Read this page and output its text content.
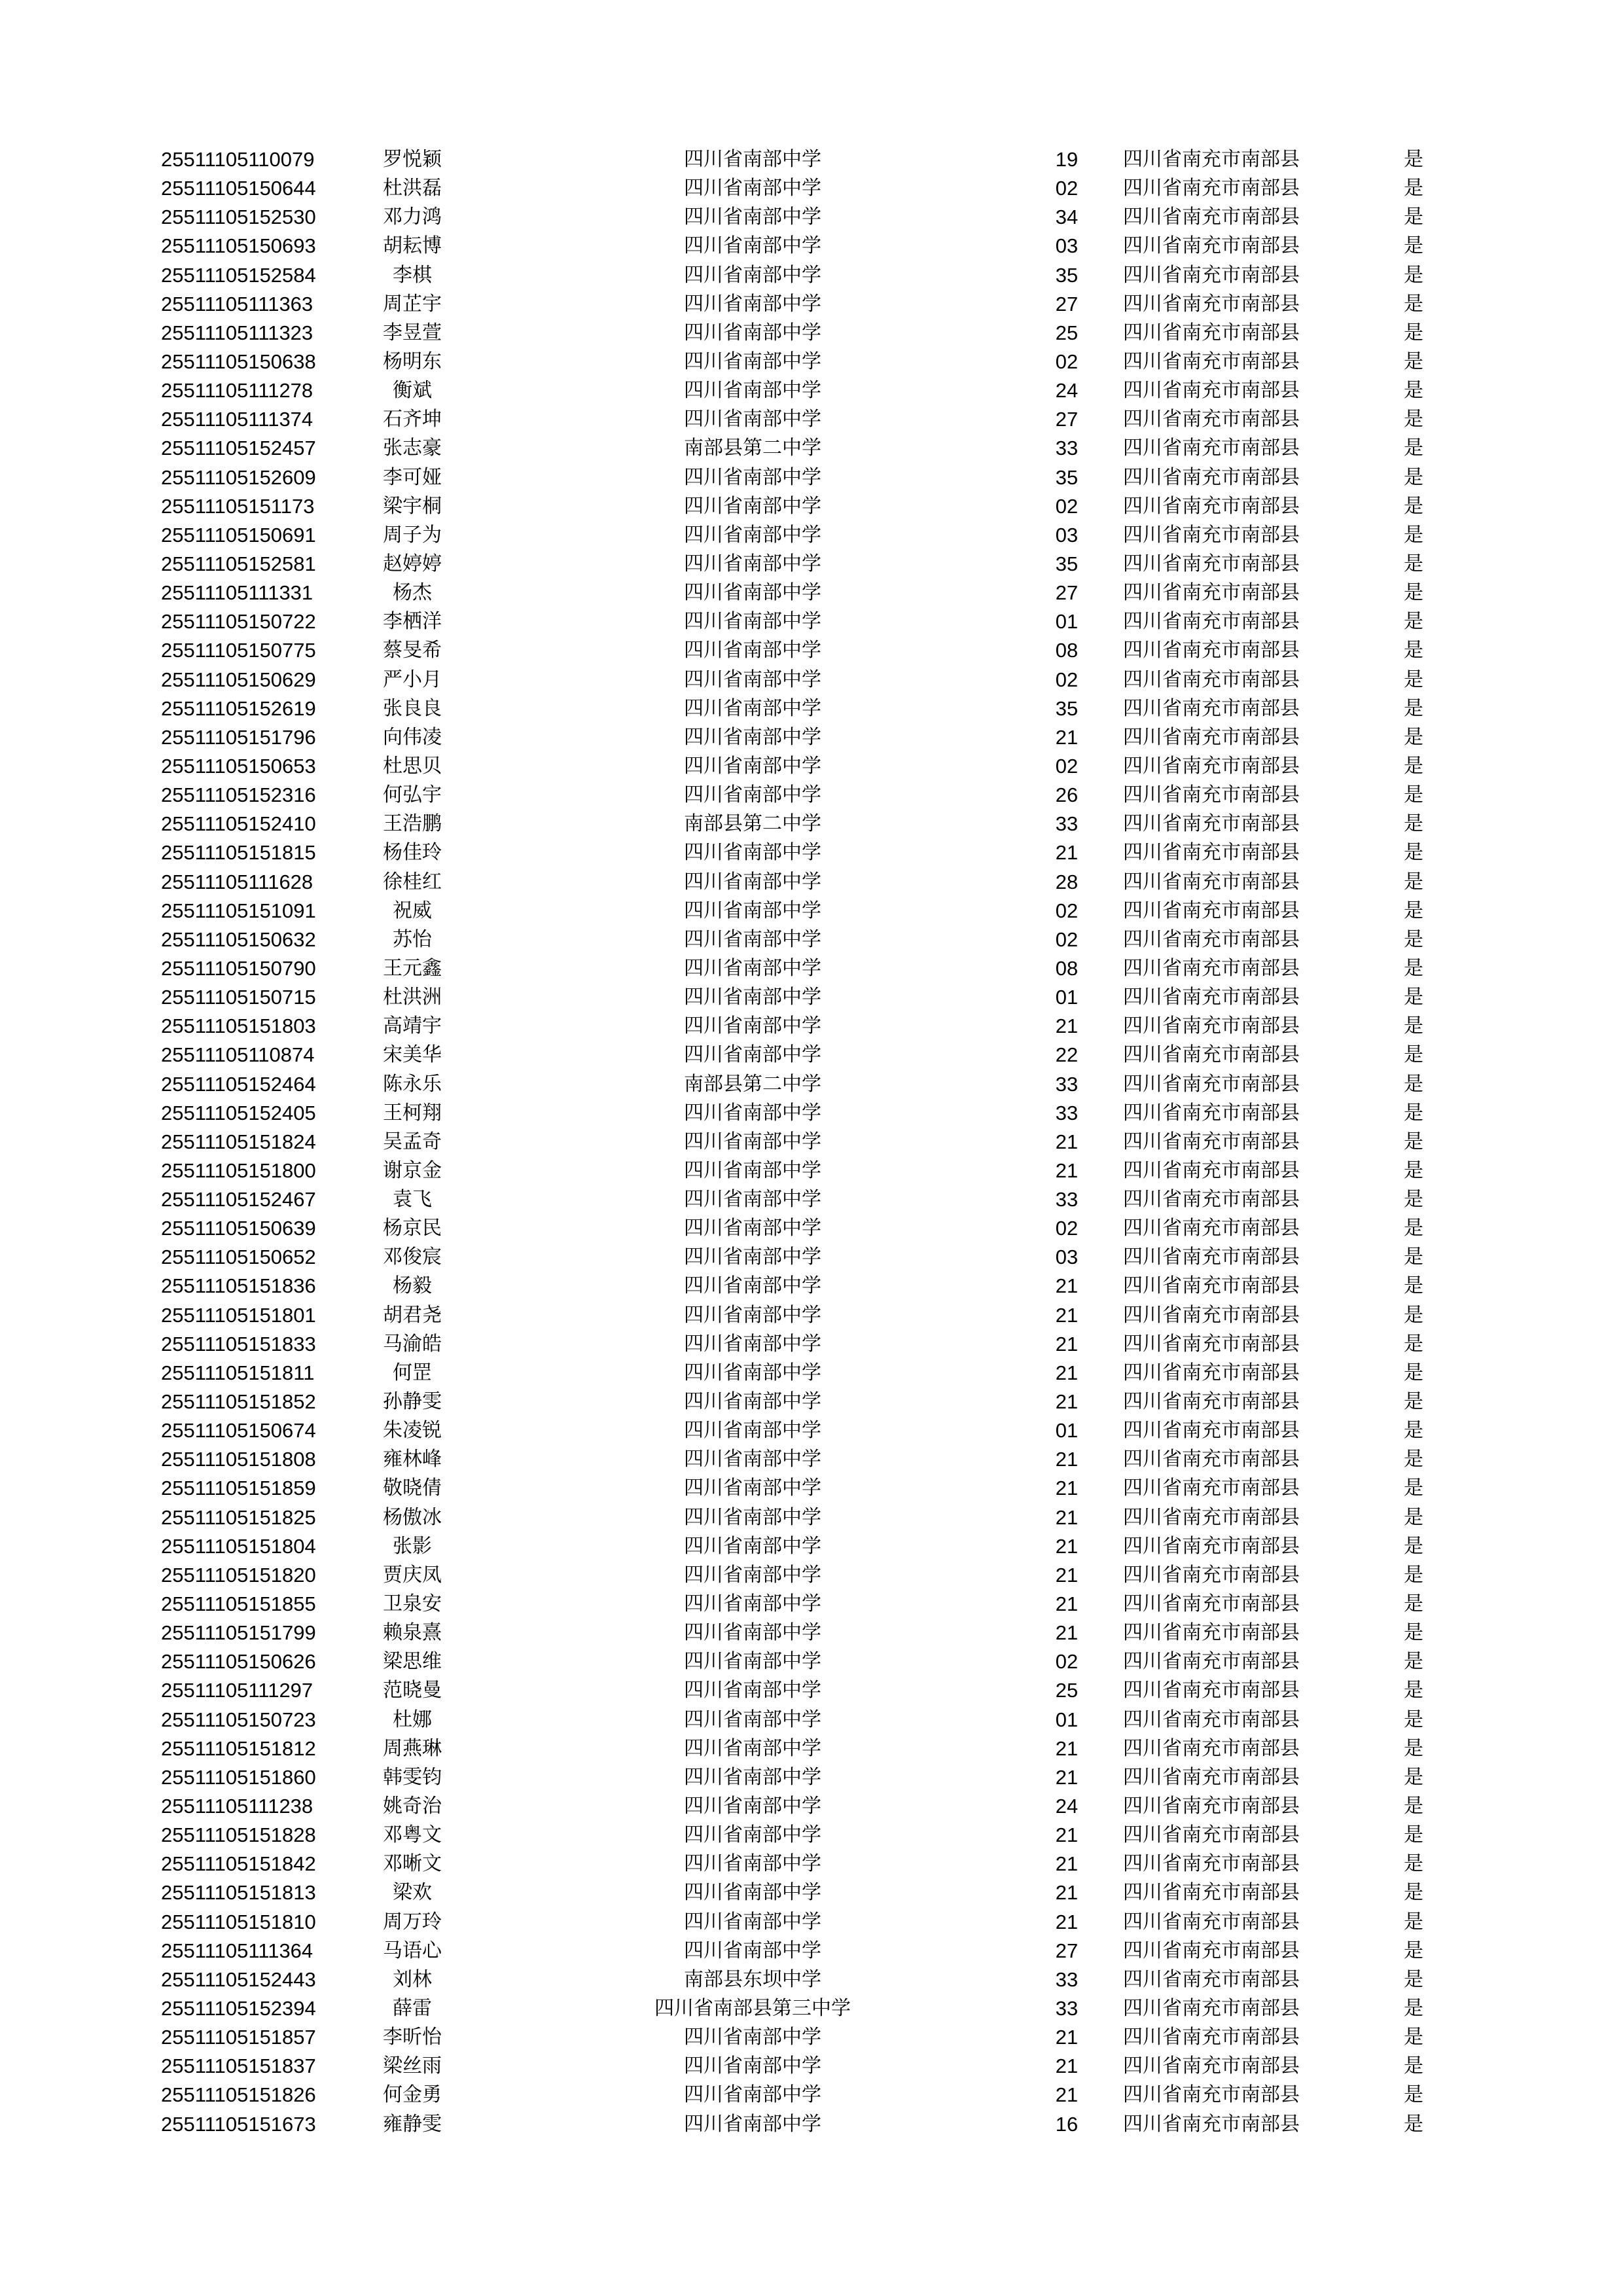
25511105110079	罗悦颖	四川省南部中学	19	四川省南充市南部县	是
25511105150644	杜洪磊	四川省南部中学	02	四川省南充市南部县	是
25511105152530	邓力鸿	四川省南部中学	34	四川省南充市南部县	是
25511105150693	胡耘博	四川省南部中学	03	四川省南充市南部县	是
25511105152584	李棋	四川省南部中学	35	四川省南充市南部县	是
25511105111363	周芷宇	四川省南部中学	27	四川省南充市南部县	是
25511105111323	李昱萱	四川省南部中学	25	四川省南充市南部县	是
25511105150638	杨明东	四川省南部中学	02	四川省南充市南部县	是
25511105111278	衡斌	四川省南部中学	24	四川省南充市南部县	是
25511105111374	石齐坤	四川省南部中学	27	四川省南充市南部县	是
25511105152457	张志豪	南部县第二中学	33	四川省南充市南部县	是
25511105152609	李可娅	四川省南部中学	35	四川省南充市南部县	是
25511105151173	梁宇桐	四川省南部中学	02	四川省南充市南部县	是
25511105150691	周子为	四川省南部中学	03	四川省南充市南部县	是
25511105152581	赵婷婷	四川省南部中学	35	四川省南充市南部县	是
25511105111331	杨杰	四川省南部中学	27	四川省南充市南部县	是
25511105150722	李栖洋	四川省南部中学	01	四川省南充市南部县	是
25511105150775	蔡旻希	四川省南部中学	08	四川省南充市南部县	是
25511105150629	严小月	四川省南部中学	02	四川省南充市南部县	是
25511105152619	张良良	四川省南部中学	35	四川省南充市南部县	是
25511105151796	向伟凌	四川省南部中学	21	四川省南充市南部县	是
25511105150653	杜思贝	四川省南部中学	02	四川省南充市南部县	是
25511105152316	何弘宇	四川省南部中学	26	四川省南充市南部县	是
25511105152410	王浩鹏	南部县第二中学	33	四川省南充市南部县	是
25511105151815	杨佳玲	四川省南部中学	21	四川省南充市南部县	是
25511105111628	徐桂红	四川省南部中学	28	四川省南充市南部县	是
25511105151091	祝威	四川省南部中学	02	四川省南充市南部县	是
25511105150632	苏怡	四川省南部中学	02	四川省南充市南部县	是
25511105150790	王元鑫	四川省南部中学	08	四川省南充市南部县	是
25511105150715	杜洪洲	四川省南部中学	01	四川省南充市南部县	是
25511105151803	高靖宇	四川省南部中学	21	四川省南充市南部县	是
25511105110874	宋美华	四川省南部中学	22	四川省南充市南部县	是
25511105152464	陈永乐	南部县第二中学	33	四川省南充市南部县	是
25511105152405	王柯翔	四川省南部中学	33	四川省南充市南部县	是
25511105151824	吴孟奇	四川省南部中学	21	四川省南充市南部县	是
25511105151800	谢京金	四川省南部中学	21	四川省南充市南部县	是
25511105152467	袁飞	四川省南部中学	33	四川省南充市南部县	是
25511105150639	杨京民	四川省南部中学	02	四川省南充市南部县	是
25511105150652	邓俊宸	四川省南部中学	03	四川省南充市南部县	是
25511105151836	杨毅	四川省南部中学	21	四川省南充市南部县	是
25511105151801	胡君尧	四川省南部中学	21	四川省南充市南部县	是
25511105151833	马渝皓	四川省南部中学	21	四川省南充市南部县	是
25511105151811	何罡	四川省南部中学	21	四川省南充市南部县	是
25511105151852	孙静雯	四川省南部中学	21	四川省南充市南部县	是
25511105150674	朱凌锐	四川省南部中学	01	四川省南充市南部县	是
25511105151808	雍林峰	四川省南部中学	21	四川省南充市南部县	是
25511105151859	敬晓倩	四川省南部中学	21	四川省南充市南部县	是
25511105151825	杨傲冰	四川省南部中学	21	四川省南充市南部县	是
25511105151804	张影	四川省南部中学	21	四川省南充市南部县	是
25511105151820	贾庆凤	四川省南部中学	21	四川省南充市南部县	是
25511105151855	卫泉安	四川省南部中学	21	四川省南充市南部县	是
25511105151799	赖泉熹	四川省南部中学	21	四川省南充市南部县	是
25511105150626	梁思维	四川省南部中学	02	四川省南充市南部县	是
25511105111297	范晓曼	四川省南部中学	25	四川省南充市南部县	是
25511105150723	杜娜	四川省南部中学	01	四川省南充市南部县	是
25511105151812	周燕琳	四川省南部中学	21	四川省南充市南部县	是
25511105151860	韩雯钧	四川省南部中学	21	四川省南充市南部县	是
25511105111238	姚奇治	四川省南部中学	24	四川省南充市南部县	是
25511105151828	邓粤文	四川省南部中学	21	四川省南充市南部县	是
25511105151842	邓晰文	四川省南部中学	21	四川省南充市南部县	是
25511105151813	梁欢	四川省南部中学	21	四川省南充市南部县	是
25511105151810	周万玲	四川省南部中学	21	四川省南充市南部县	是
25511105111364	马语心	四川省南部中学	27	四川省南充市南部县	是
25511105152443	刘林	南部县东坝中学	33	四川省南充市南部县	是
25511105152394	薛雷	四川省南部县第三中学	33	四川省南充市南部县	是
25511105151857	李昕怡	四川省南部中学	21	四川省南充市南部县	是
25511105151837	梁丝雨	四川省南部中学	21	四川省南充市南部县	是
25511105151826	何金勇	四川省南部中学	21	四川省南充市南部县	是
25511105151673	雍静雯	四川省南部中学	16	四川省南充市南部县	是
